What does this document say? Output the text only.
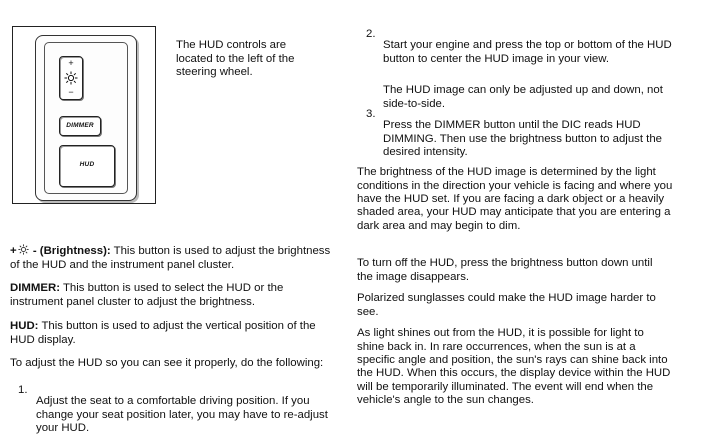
+
−
DIMMER
HUD

The HUD controls are located to the left of the steering wheel.

+ - (Brightness): This button is used to adjust the brightness of the HUD and the instrument panel cluster.

DIMMER: This button is used to select the HUD or the instrument panel cluster to adjust the brightness.

HUD: This button is used to adjust the vertical position of the HUD display.

To adjust the HUD so you can see it properly, do the following:

1.

Adjust the seat to a comfortable driving position. If you change your seat position later, you may have to re-adjust your HUD.

2.

Start your engine and press the top or bottom of the HUD button to center the HUD image in your view.

The HUD image can only be adjusted up and down, not side-to-side.

3.

Press the DIMMER button until the DIC reads HUD DIMMING. Then use the brightness button to adjust the desired intensity.

The brightness of the HUD image is determined by the light conditions in the direction your vehicle is facing and where you have the HUD set. If you are facing a dark object or a heavily shaded area, your HUD may anticipate that you are entering a dark area and may begin to dim.

To turn off the HUD, press the brightness button down until the image disappears.

Polarized sunglasses could make the HUD image harder to see.

As light shines out from the HUD, it is possible for light to shine back in. In rare occurrences, when the sun is at a specific angle and position, the sun's rays can shine back into the HUD. When this occurs, the display device within the HUD will be temporarily illuminated. The event will end when the vehicle's angle to the sun changes.
